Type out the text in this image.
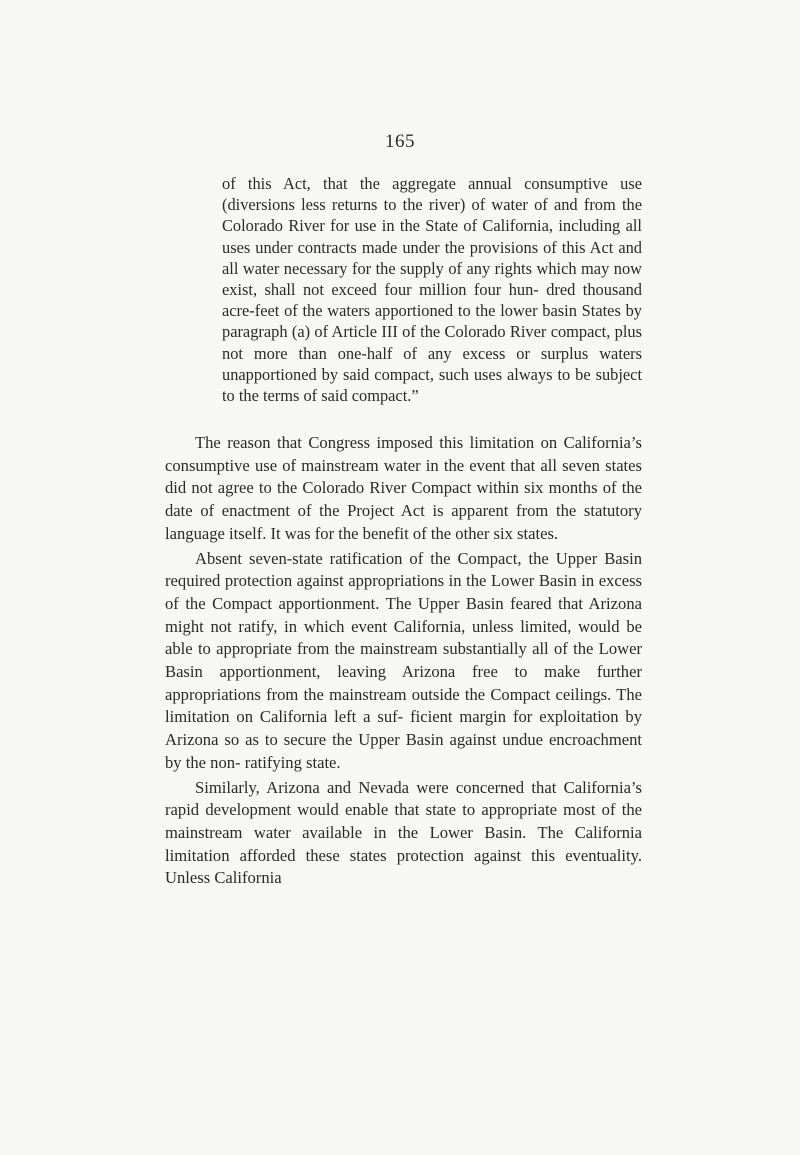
165

of this Act, that the aggregate annual consumptive use (diversions less returns to the river) of water of and from the Colorado River for use in the State of California, including all uses under contracts made under the provisions of this Act and all water necessary for the supply of any rights which may now exist, shall not exceed four million four hun- dred thousand acre-feet of the waters apportioned to the lower basin States by paragraph (a) of Article III of the Colorado River compact, plus not more than one-half of any excess or surplus waters unapportioned by said compact, such uses always to be subject to the terms of said compact.”

The reason that Congress imposed this limitation on California’s consumptive use of mainstream water in the event that all seven states did not agree to the Colorado River Compact within six months of the date of enactment of the Project Act is apparent from the statutory language itself. It was for the benefit of the other six states.

Absent seven-state ratification of the Compact, the Upper Basin required protection against appropriations in the Lower Basin in excess of the Compact apportionment. The Upper Basin feared that Arizona might not ratify, in which event California, unless limited, would be able to appropriate from the mainstream substantially all of the Lower Basin apportionment, leaving Arizona free to make further appropriations from the mainstream outside the Compact ceilings. The limitation on California left a suf- ficient margin for exploitation by Arizona so as to secure the Upper Basin against undue encroachment by the non- ratifying state.

Similarly, Arizona and Nevada were concerned that California’s rapid development would enable that state to appropriate most of the mainstream water available in the Lower Basin. The California limitation afforded these states protection against this eventuality. Unless California
